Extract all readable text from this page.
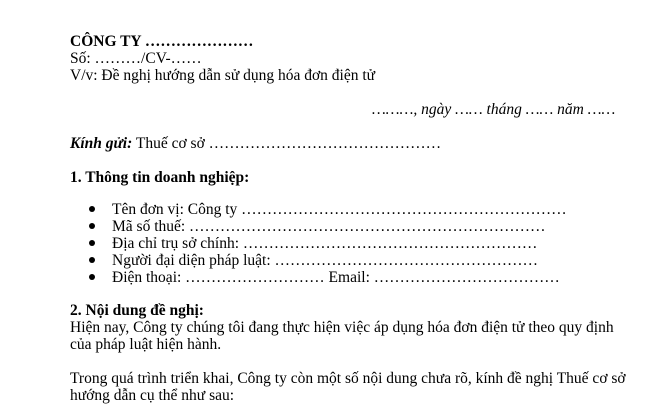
CÔNG TY …………………
Số: ………/CV-……
V/v: Đề nghị hướng dẫn sử dụng hóa đơn điện tử
………, ngày …… tháng …… năm ……
Kính gửi: Thuế cơ sở ………………………………………
1. Thông tin doanh nghiệp:
Tên đơn vị: Công ty ………………………………………………………
Mã số thuế: ……………………………………………………………
Địa chỉ trụ sở chính: …………………………………………………
Người đại diện pháp luật: ……………………………………………
Điện thoại: ……………………… Email: ………………………………
2. Nội dung đề nghị:
Hiện nay, Công ty chúng tôi đang thực hiện việc áp dụng hóa đơn điện tử theo quy định
của pháp luật hiện hành.
Trong quá trình triển khai, Công ty còn một số nội dung chưa rõ, kính đề nghị Thuế cơ sở
hướng dẫn cụ thể như sau:
